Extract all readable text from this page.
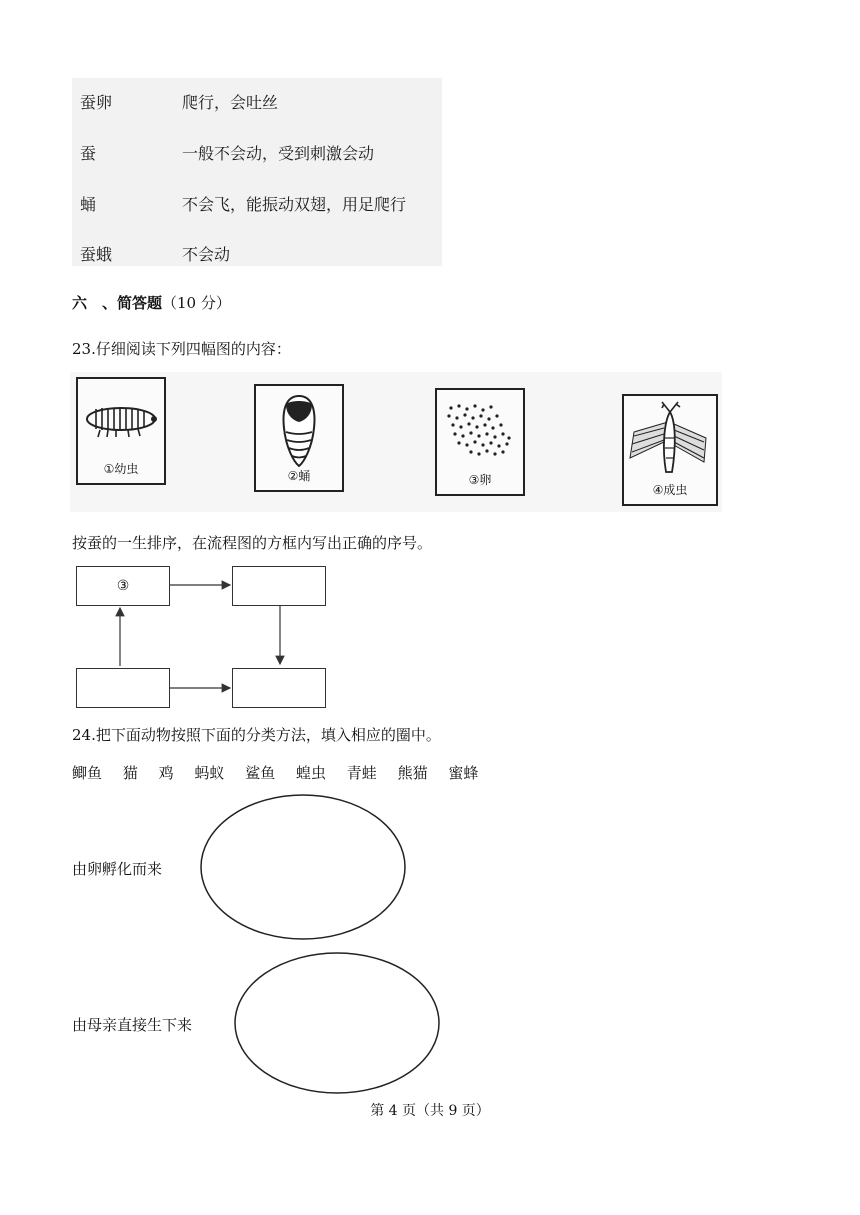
蚕卵	爬行，会吐丝
蚕	一般不会动，受到刺激会动
蛹	不会飞，能振动双翅，用足爬行
蚕蛾	不会动
六　、简答题（10 分）
23.仔细阅读下列四幅图的内容：
①幼虫	②蛹	③卵
④成虫
按蚕的一生排序，在流程图的方框内写出正确的序号。
③
24.把下面动物按照下面的分类方法，填入相应的圈中。
鲫鱼 猫 鸡 蚂蚁 鲨鱼 蝗虫 青蛙 熊猫 蜜蜂
由卵孵化而来
由母亲直接生下来
第 4 页（共 9 页）
